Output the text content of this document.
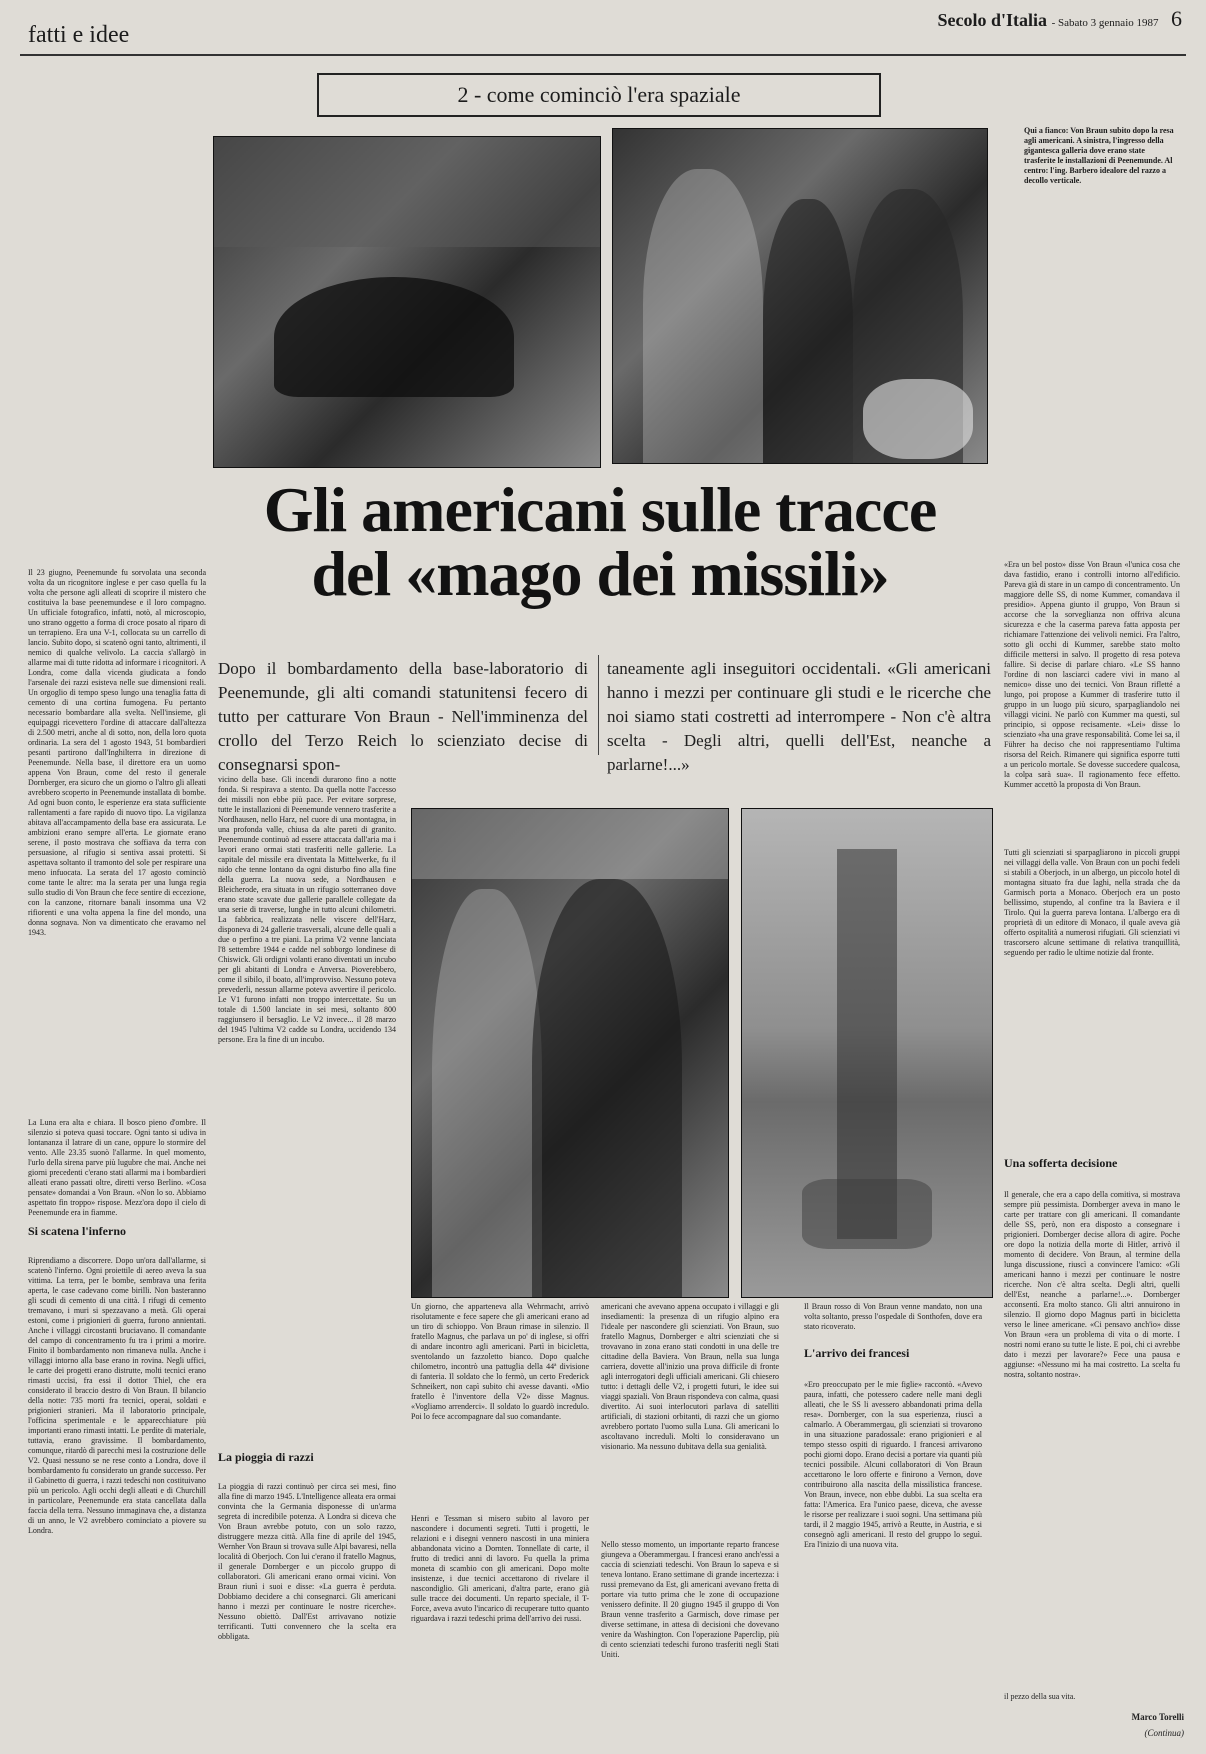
fatti e idee
Secolo d'Italia - Sabato 3 gennaio 1987 6
2 - come cominciò l'era spaziale
Qui a fianco: Von Braun subito dopo la resa agli americani. A sinistra, l'ingresso della gigantesca galleria dove erano state trasferite le installazioni di Peenemunde. Al centro: l'ing. Barbero idealore del razzo a decollo verticale.
Gli americani sulle tracce
del «mago dei missili»
Dopo il bombardamento della base-laboratorio di Peenemunde, gli alti comandi statunitensi fecero di tutto per catturare Von Braun - Nell'imminenza del crollo del Terzo Reich lo scienziato decise di consegnarsi spon-
taneamente agli inseguitori occidentali. «Gli americani hanno i mezzi per continuare gli studi e le ricerche che noi siamo stati costretti ad interrompere - Non c'è altra scelta - Degli altri, quelli dell'Est, neanche a parlarne!...»
Il 23 giugno, Peenemunde fu sorvolata una seconda volta da un ricognitore inglese e per caso quella fu la volta che persone agli alleati di scoprire il mistero che costituiva la base peenemundese e il loro compagno. Un ufficiale fotografico, infatti, notò, al microscopio, uno strano oggetto a forma di croce posato al riparo di un terrapieno. Era una V-1, collocata su un carrello di lancio. Subito dopo, si scatenò ogni tanto, altrimenti, il nemico di qualche velivolo. La caccia s'allargò in allarme mai di tutte ridotta ad informare i ricognitori. A Londra, come dalla vicenda giudicata a fondo l'arsenale dei razzi esisteva nelle sue dimensioni reali. Un orgoglio di tempo speso lungo una tenaglia fatta di cemento di una cortina fumogena. Fu pertanto necessario bombardare alla svelta. Nell'insieme, gli equipaggi ricevettero l'ordine di attaccare dall'altezza di 2.500 metri, anche al di sotto, non, della loro quota ordinaria. La sera del 1 agosto 1943, 51 bombardieri pesanti partirono dall'Inghilterra in direzione di Peenemunde. Nella base, il direttore era un uomo appena Von Braun, come del resto il generale Dornberger, era sicuro che un giorno o l'altro gli alleati avrebbero scoperto in Peenemunde installata di bombe. Ad ogni buon conto, le esperienze era stata sufficiente rallentamenti a fare rapido di nuovo tipo. La vigilanza abitava all'accampamento della base era assicurata. Le ambizioni erano sempre all'erta. Le giornate erano serene, il posto mostrava che soffiava da terra con persuasione, al rifugio si sentiva assai protetti. Si aspettava soltanto il tramonto del sole per respirare una meno infuocata. La serata del 17 agosto cominciò come tante le altre: ma la serata per una lunga regia sullo studio di Von Braun che fece sentire di eccezione, con la canzone, ritornare banali insomma una V2 rifiorenti e una volta appena la fine del mondo, una donna sognava. Non va dimenticato che eravamo nel 1943.
La Luna era alta e chiara. Il bosco pieno d'ombre. Il silenzio si poteva quasi toccare. Ogni tanto si udiva in lontananza il latrare di un cane, oppure lo stormire del vento. Alle 23.35 suonò l'allarme. In quel momento, l'urlo della sirena parve più lugubre che mai. Anche nei giorni precedenti c'erano stati allarmi ma i bombardieri alleati erano passati oltre, diretti verso Berlino. «Cosa pensate» domandai a Von Braun. «Non lo so. Abbiamo aspettato fin troppo» rispose. Mezz'ora dopo il cielo di Peenemunde era in fiamme.
Si scatena l'inferno
Riprendiamo a discorrere. Dopo un'ora dall'allarme, si scatenò l'inferno. Ogni proiettile di aereo aveva la sua vittima. La terra, per le bombe, sembrava una ferita aperta, le case cadevano come birilli. Non basteranno gli scudi di cemento di una città. I rifugi di cemento tremavano, i muri si spezzavano a metà. Gli operai estoni, come i prigionieri di guerra, furono annientati. Anche i villaggi circostanti bruciavano. Il comandante del campo di concentramento fu tra i primi a morire. Finito il bombardamento non rimaneva nulla. Anche i villaggi intorno alla base erano in rovina. Negli uffici, le carte dei progetti erano distrutte, molti tecnici erano rimasti uccisi, fra essi il dottor Thiel, che era considerato il braccio destro di Von Braun. Il bilancio della notte: 735 morti fra tecnici, operai, soldati e prigionieri stranieri. Ma il laboratorio principale, l'officina sperimentale e le apparecchiature più importanti erano rimasti intatti. Le perdite di materiale, tuttavia, erano gravissime. Il bombardamento, comunque, ritardò di parecchi mesi la costruzione delle V2. Quasi nessuno se ne rese conto a Londra, dove il bombardamento fu considerato un grande successo. Per il Gabinetto di guerra, i razzi tedeschi non costituivano più un pericolo. Agli occhi degli alleati e di Churchill in particolare, Peenemunde era stata cancellata dalla faccia della terra. Nessuno immaginava che, a distanza di un anno, le V2 avrebbero cominciato a piovere su Londra.
vicino della base. Gli incendi durarono fino a notte fonda. Si respirava a stento. Da quella notte l'accesso dei missili non ebbe più pace. Per evitare sorprese, tutte le installazioni di Peenemunde vennero trasferite a Nordhausen, nello Harz, nel cuore di una montagna, in una profonda valle, chiusa da alte pareti di granito. Peenemunde continuò ad essere attaccata dall'aria ma i lavori erano ormai stati trasferiti nelle gallerie. La capitale del missile era diventata la Mittelwerke, fu il nido che tenne lontano da ogni disturbo fino alla fine della guerra. La nuova sede, a Nordhausen e Bleicherode, era situata in un rifugio sotterraneo dove erano state scavate due gallerie parallele collegate da una serie di traverse, lunghe in tutto alcuni chilometri. La fabbrica, realizzata nelle viscere dell'Harz, disponeva di 24 gallerie trasversali, alcune delle quali a due o perfino a tre piani. La prima V2 venne lanciata l'8 settembre 1944 e cadde nel sobborgo londinese di Chiswick. Gli ordigni volanti erano diventati un incubo per gli abitanti di Londra e Anversa. Pioverebbero, come il sibilo, il boato, all'improvviso. Nessuno poteva prevederli, nessun allarme poteva avvertire il pericolo. Le V1 furono infatti non troppo intercettate. Su un totale di 1.500 lanciate in sei mesi, soltanto 800 raggiunsero il bersaglio. Le V2 invece... il 28 marzo del 1945 l'ultima V2 cadde su Londra, uccidendo 134 persone. Era la fine di un incubo.
La pioggia di razzi
La pioggia di razzi continuò per circa sei mesi, fino alla fine di marzo 1945. L'Intelligence alleata era ormai convinta che la Germania disponesse di un'arma segreta di incredibile potenza. A Londra si diceva che Von Braun avrebbe potuto, con un solo razzo, distruggere mezza città. Alla fine di aprile del 1945, Wernher Von Braun si trovava sulle Alpi bavaresi, nella località di Oberjoch. Con lui c'erano il fratello Magnus, il generale Dornberger e un piccolo gruppo di collaboratori. Gli americani erano ormai vicini. Von Braun riunì i suoi e disse: «La guerra è perduta. Dobbiamo decidere a chi consegnarci. Gli americani hanno i mezzi per continuare le nostre ricerche». Nessuno obiettò. Dall'Est arrivavano notizie terrificanti. Tutti convennero che la scelta era obbligata.
Un giorno, che apparteneva alla Wehrmacht, arrivò risolutamente e fece sapere che gli americani erano ad un tiro di schioppo. Von Braun rimase in silenzio. Il fratello Magnus, che parlava un po' di inglese, si offrì di andare incontro agli americani. Partì in bicicletta, sventolando un fazzoletto bianco. Dopo qualche chilometro, incontrò una pattuglia della 44ª divisione di fanteria. Il soldato che lo fermò, un certo Frederick Schneikert, non capì subito chi avesse davanti. «Mio fratello è l'inventore della V2» disse Magnus. «Vogliamo arrenderci». Il soldato lo guardò incredulo. Poi lo fece accompagnare dal suo comandante.
Henri e Tessman si misero subito al lavoro per nascondere i documenti segreti. Tutti i progetti, le relazioni e i disegni vennero nascosti in una miniera abbandonata vicino a Dornten. Tonnellate di carte, il frutto di tredici anni di lavoro. Fu quella la prima moneta di scambio con gli americani. Dopo molte insistenze, i due tecnici accettarono di rivelare il nascondiglio. Gli americani, d'altra parte, erano già sulle tracce dei documenti. Un reparto speciale, il T-Force, aveva avuto l'incarico di recuperare tutto quanto riguardava i razzi tedeschi prima dell'arrivo dei russi.
americani che avevano appena occupato i villaggi e gli insediamenti: la presenza di un rifugio alpino era l'ideale per nascondere gli scienziati. Von Braun, suo fratello Magnus, Dornberger e altri scienziati che si trovavano in zona erano stati condotti in una delle tre cittadine della Baviera. Von Braun, nella sua lunga carriera, dovette all'inizio una prova difficile di fronte agli interrogatori degli ufficiali americani. Gli chiesero tutto: i dettagli delle V2, i progetti futuri, le idee sui viaggi spaziali. Von Braun rispondeva con calma, quasi divertito. Ai suoi interlocutori parlava di satelliti artificiali, di stazioni orbitanti, di razzi che un giorno avrebbero portato l'uomo sulla Luna. Gli americani lo ascoltavano increduli. Molti lo consideravano un visionario. Ma nessuno dubitava della sua genialità.
Nello stesso momento, un importante reparto francese giungeva a Oberammergau. I francesi erano anch'essi a caccia di scienziati tedeschi. Von Braun lo sapeva e si teneva lontano. Erano settimane di grande incertezza: i russi premevano da Est, gli americani avevano fretta di portare via tutto prima che le zone di occupazione venissero definite. Il 20 giugno 1945 il gruppo di Von Braun venne trasferito a Garmisch, dove rimase per diverse settimane, in attesa di decisioni che dovevano venire da Washington. Con l'operazione Paperclip, più di cento scienziati tedeschi furono trasferiti negli Stati Uniti.
Il Braun rosso di Von Braun venne mandato, non una volta soltanto, presso l'ospedale di Sonthofen, dove era stato ricoverato.
L'arrivo dei francesi
«Ero preoccupato per le mie figlie» raccontò. «Avevo paura, infatti, che potessero cadere nelle mani degli alleati, che le SS li avessero abbandonati prima della resa». Dornberger, con la sua esperienza, riuscì a calmarlo. A Oberammergau, gli scienziati si trovarono in una situazione paradossale: erano prigionieri e al tempo stesso ospiti di riguardo. I francesi arrivarono pochi giorni dopo. Erano decisi a portare via quanti più tecnici possibile. Alcuni collaboratori di Von Braun accettarono le loro offerte e finirono a Vernon, dove contribuirono alla nascita della missilistica francese. Von Braun, invece, non ebbe dubbi. La sua scelta era fatta: l'America. Era l'unico paese, diceva, che avesse le risorse per realizzare i suoi sogni. Una settimana più tardi, il 2 maggio 1945, arrivò a Reutte, in Austria, e si consegnò agli americani. Il resto del gruppo lo seguì. Era l'inizio di una nuova vita.
«Era un bel posto» disse Von Braun «l'unica cosa che dava fastidio, erano i controlli intorno all'edificio. Pareva già di stare in un campo di concentramento. Un maggiore delle SS, di nome Kummer, comandava il presidio». Appena giunto il gruppo, Von Braun si accorse che la sorveglianza non offriva alcuna sicurezza e che la caserma pareva fatta apposta per richiamare l'attenzione dei velivoli nemici. Fra l'altro, sotto gli occhi di Kummer, sarebbe stato molto difficile mettersi in salvo. Il progetto di resa poteva fallire. Si decise di parlare chiaro. «Le SS hanno l'ordine di non lasciarci cadere vivi in mano al nemico» disse uno dei tecnici. Von Braun rifletté a lungo, poi propose a Kummer di trasferire tutto il gruppo in un luogo più sicuro, sparpagliandolo nei villaggi vicini. Ne parlò con Kummer ma questi, sul principio, si oppose recisamente. «Lei» disse lo scienziato «ha una grave responsabilità. Come lei sa, il Führer ha deciso che noi rappresentiamo l'ultima risorsa del Reich. Rimanere qui significa esporre tutti a un pericolo mortale. Se dovesse succedere qualcosa, la colpa sarà sua». Il ragionamento fece effetto. Kummer accettò la proposta di Von Braun.
Tutti gli scienziati si sparpagliarono in piccoli gruppi nei villaggi della valle. Von Braun con un pochi fedeli si stabilì a Oberjoch, in un albergo, un piccolo hotel di montagna situato fra due laghi, nella strada che da Garmisch porta a Monaco. Oberjoch era un posto bellissimo, stupendo, al confine tra la Baviera e il Tirolo. Qui la guerra pareva lontana. L'albergo era di proprietà di un editore di Monaco, il quale aveva già offerto ospitalità a numerosi rifugiati. Gli scienziati vi trascorsero alcune settimane di relativa tranquillità, seguendo per radio le ultime notizie dal fronte.
Una sofferta decisione
Il generale, che era a capo della comitiva, si mostrava sempre più pessimista. Dornberger aveva in mano le carte per trattare con gli americani. Il comandante delle SS, però, non era disposto a consegnare i prigionieri. Dornberger decise allora di agire. Poche ore dopo la notizia della morte di Hitler, arrivò il momento di decidere. Von Braun, al termine della lunga discussione, riuscì a convincere l'amico: «Gli americani hanno i mezzi per continuare le nostre ricerche. Non c'è altra scelta. Degli altri, quelli dell'Est, neanche a parlarne!...». Dornberger acconsentì. Era molto stanco. Gli altri annuirono in silenzio. Il giorno dopo Magnus partì in bicicletta verso le linee americane. «Ci pensavo anch'io» disse Von Braun «era un problema di vita o di morte. I nostri nomi erano su tutte le liste. E poi, chi ci avrebbe dato i mezzi per lavorare?» Fece una pausa e aggiunse: «Nessuno mi ha mai costretto. La scelta fu nostra, soltanto nostra».
il pezzo della sua vita.
Marco Torelli
(Continua)
